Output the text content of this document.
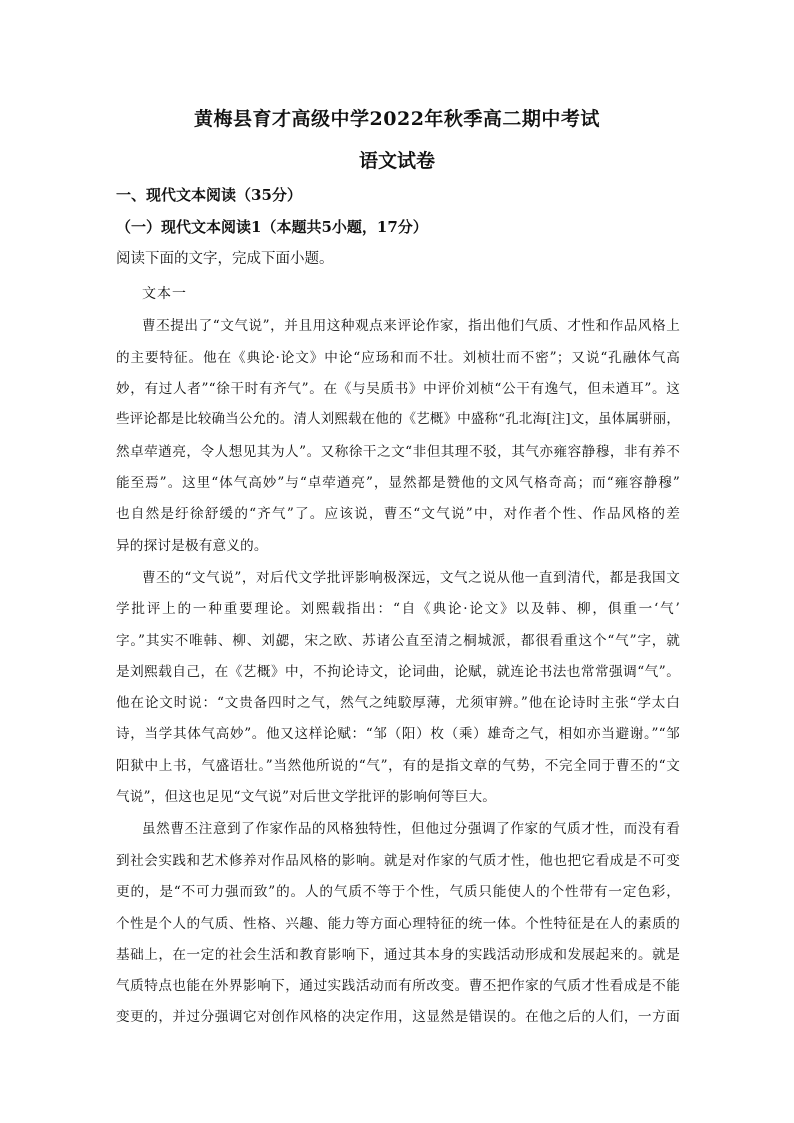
黄梅县育才高级中学2022年秋季高二期中考试
语文试卷
一、现代文本阅读（35分）
（一）现代文本阅读1（本题共5小题，17分）
阅读下面的文字，完成下面小题。
文本一
曹丕提出了“文气说”，并且用这种观点来评论作家，指出他们气质、才性和作品风格上
的主要特征。他在《典论·论文》中论“应玚和而不壮。刘桢壮而不密”；又说“孔融体气高
妙，有过人者”“徐干时有齐气”。在《与吴质书》中评价刘桢“公干有逸气，但未遒耳”。这
些评论都是比较确当公允的。清人刘熙载在他的《艺概》中盛称“孔北海[注]文，虽体属骈丽，
然卓荦遒亮，令人想见其为人”。又称徐干之文“非但其理不驳，其气亦雍容静穆，非有养不
能至焉”。这里“体气高妙”与“卓荦遒亮”，显然都是赞他的文风气格奇高；而“雍容静穆”
也自然是纡徐舒缓的“齐气”了。应该说，曹丕“文气说”中，对作者个性、作品风格的差
异的探讨是极有意义的。
曹丕的“文气说”，对后代文学批评影响极深远，文气之说从他一直到清代，都是我国文
学批评上的一种重要理论。刘熙载指出：“自《典论·论文》以及韩、柳，俱重一‘气’
字。”其实不唯韩、柳、刘勰，宋之欧、苏诸公直至清之桐城派，都很看重这个“气”字，就
是刘熙载自己，在《艺概》中，不拘论诗文，论词曲，论赋，就连论书法也常常强调“气”。
他在论文时说：“文贵备四时之气，然气之纯駮厚薄，尤须审辨。”他在论诗时主张“学太白
诗，当学其体气高妙”。他又这样论赋：“邹（阳）枚（乘）雄奇之气，相如亦当避谢。”“邹
阳狱中上书，气盛语壮。”当然他所说的“气”，有的是指文章的气势，不完全同于曹丕的“文
气说”，但这也足见“文气说”对后世文学批评的影响何等巨大。
虽然曹丕注意到了作家作品的风格独特性，但他过分强调了作家的气质才性，而没有看
到社会实践和艺术修养对作品风格的影响。就是对作家的气质才性，他也把它看成是不可变
更的，是“不可力强而致”的。人的气质不等于个性，气质只能使人的个性带有一定色彩，
个性是个人的气质、性格、兴趣、能力等方面心理特征的统一体。个性特征是在人的素质的
基础上，在一定的社会生活和教育影响下，通过其本身的实践活动形成和发展起来的。就是
气质特点也能在外界影响下，通过实践活动而有所改变。曹丕把作家的气质才性看成是不能
变更的，并过分强调它对创作风格的决定作用，这显然是错误的。在他之后的人们，一方面
